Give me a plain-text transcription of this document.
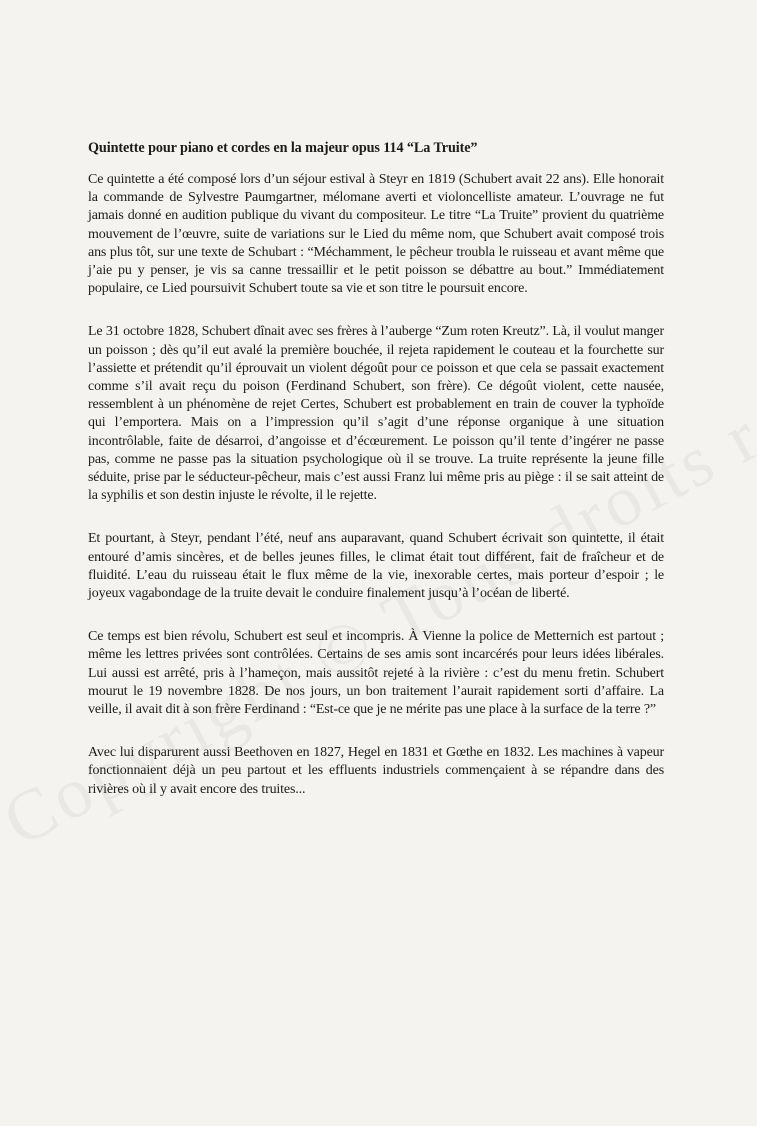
Quintette pour piano et cordes en la majeur opus 114 “La Truite”

Ce quintette a été composé lors d’un séjour estival à Steyr en 1819 (Schubert avait 22 ans). Elle honorait la commande de Sylvestre Paumgartner, mélomane averti et violoncelliste amateur. L’ouvrage ne fut jamais donné en audition publique du vivant du compositeur. Le titre “La Truite” provient du quatrième mouvement de l’œuvre, suite de variations sur le Lied du même nom, que Schubert avait composé trois ans plus tôt, sur une texte de Schubart : “Méchamment, le pêcheur troubla le ruisseau et avant même que j’aie pu y penser, je vis sa canne tressaillir et le petit poisson se débattre au bout.” Immédiatement populaire, ce Lied poursuivit Schubert toute sa vie et son titre le poursuit encore.

Le 31 octobre 1828, Schubert dînait avec ses frères à l’auberge “Zum roten Kreutz”. Là, il voulut manger un poisson ; dès qu’il eut avalé la première bouchée, il rejeta rapidement le couteau et la fourchette sur l’assiette et prétendit qu’il éprouvait un violent dégoût pour ce poisson et que cela se passait exactement comme s’il avait reçu du poison (Ferdinand Schubert, son frère). Ce dégoût violent, cette nausée, ressemblent à un phénomène de rejet Certes, Schubert est probablement en train de couver la typhoïde qui l’emportera. Mais on a l’impression qu’il s’agit d’une réponse organique à une situation incontrôlable, faite de désarroi, d’angoisse et d’écœurement. Le poisson qu’il tente d’ingérer ne passe pas, comme ne passe pas la situation psychologique où il se trouve. La truite représente la jeune fille séduite, prise par le séducteur-pêcheur, mais c’est aussi Franz lui même pris au piège : il se sait atteint de la syphilis et son destin injuste le révolte, il le rejette.

Et pourtant, à Steyr, pendant l’été, neuf ans auparavant, quand Schubert écrivait son quintette, il était entouré d’amis sincères, et de belles jeunes filles, le climat était tout différent, fait de fraîcheur et de fluidité. L’eau du ruisseau était le flux même de la vie, inexorable certes, mais porteur d’espoir ; le joyeux vagabondage de la truite devait le conduire finalement jusqu’à l’océan de liberté.

Ce temps est bien révolu, Schubert est seul et incompris. À Vienne la police de Metternich est partout ; même les lettres privées sont contrôlées. Certains de ses amis sont incarcérés pour leurs idées libérales. Lui aussi est arrêté, pris à l’hameçon, mais aussitôt rejeté à la rivière : c’est du menu fretin. Schubert mourut le 19 novembre 1828. De nos jours, un bon traitement l’aurait rapidement sorti d’affaire. La veille, il avait dit à son frère Ferdinand : “Est-ce que je ne mérite pas une place à la surface de la terre ?”

Avec lui disparurent aussi Beethoven en 1827, Hegel en 1831 et Gœthe en 1832. Les machines à vapeur fonctionnaient déjà un peu partout et les effluents industriels commençaient à se répandre dans des rivières où il y avait encore des truites...
